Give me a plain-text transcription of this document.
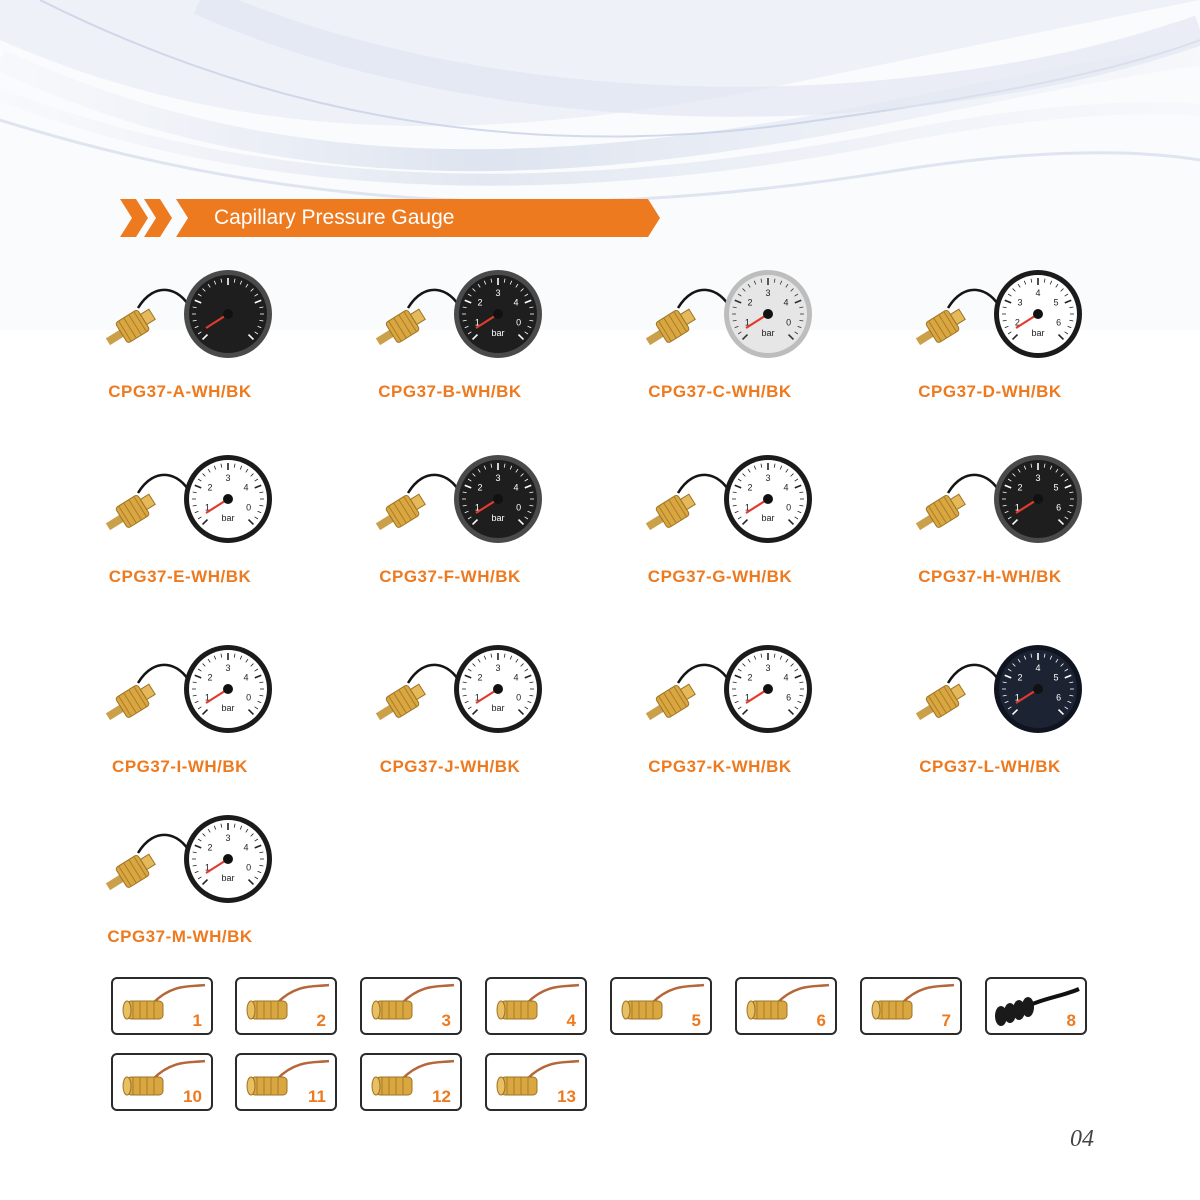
Capillary Pressure Gauge
CPG37-A-WH/BK
1
2
3
4
0
bar
CPG37-B-WH/BK
1
2
3
4
0
bar
CPG37-C-WH/BK
2
3
4
5
6
bar
CPG37-D-WH/BK
1
2
3
4
0
bar
CPG37-E-WH/BK
1
2
3
4
0
bar
CPG37-F-WH/BK
1
2
3
4
0
bar
CPG37-G-WH/BK
1
2
3
5
6
CPG37-H-WH/BK
1
2
3
4
0
bar
CPG37-I-WH/BK
1
2
3
4
0
bar
CPG37-J-WH/BK
1
2
3
4
6
CPG37-K-WH/BK
1
2
4
5
6
CPG37-L-WH/BK
1
2
3
4
0
bar
CPG37-M-WH/BK
1	2	3	4	5	6	7	8
10	11	12	13
04
